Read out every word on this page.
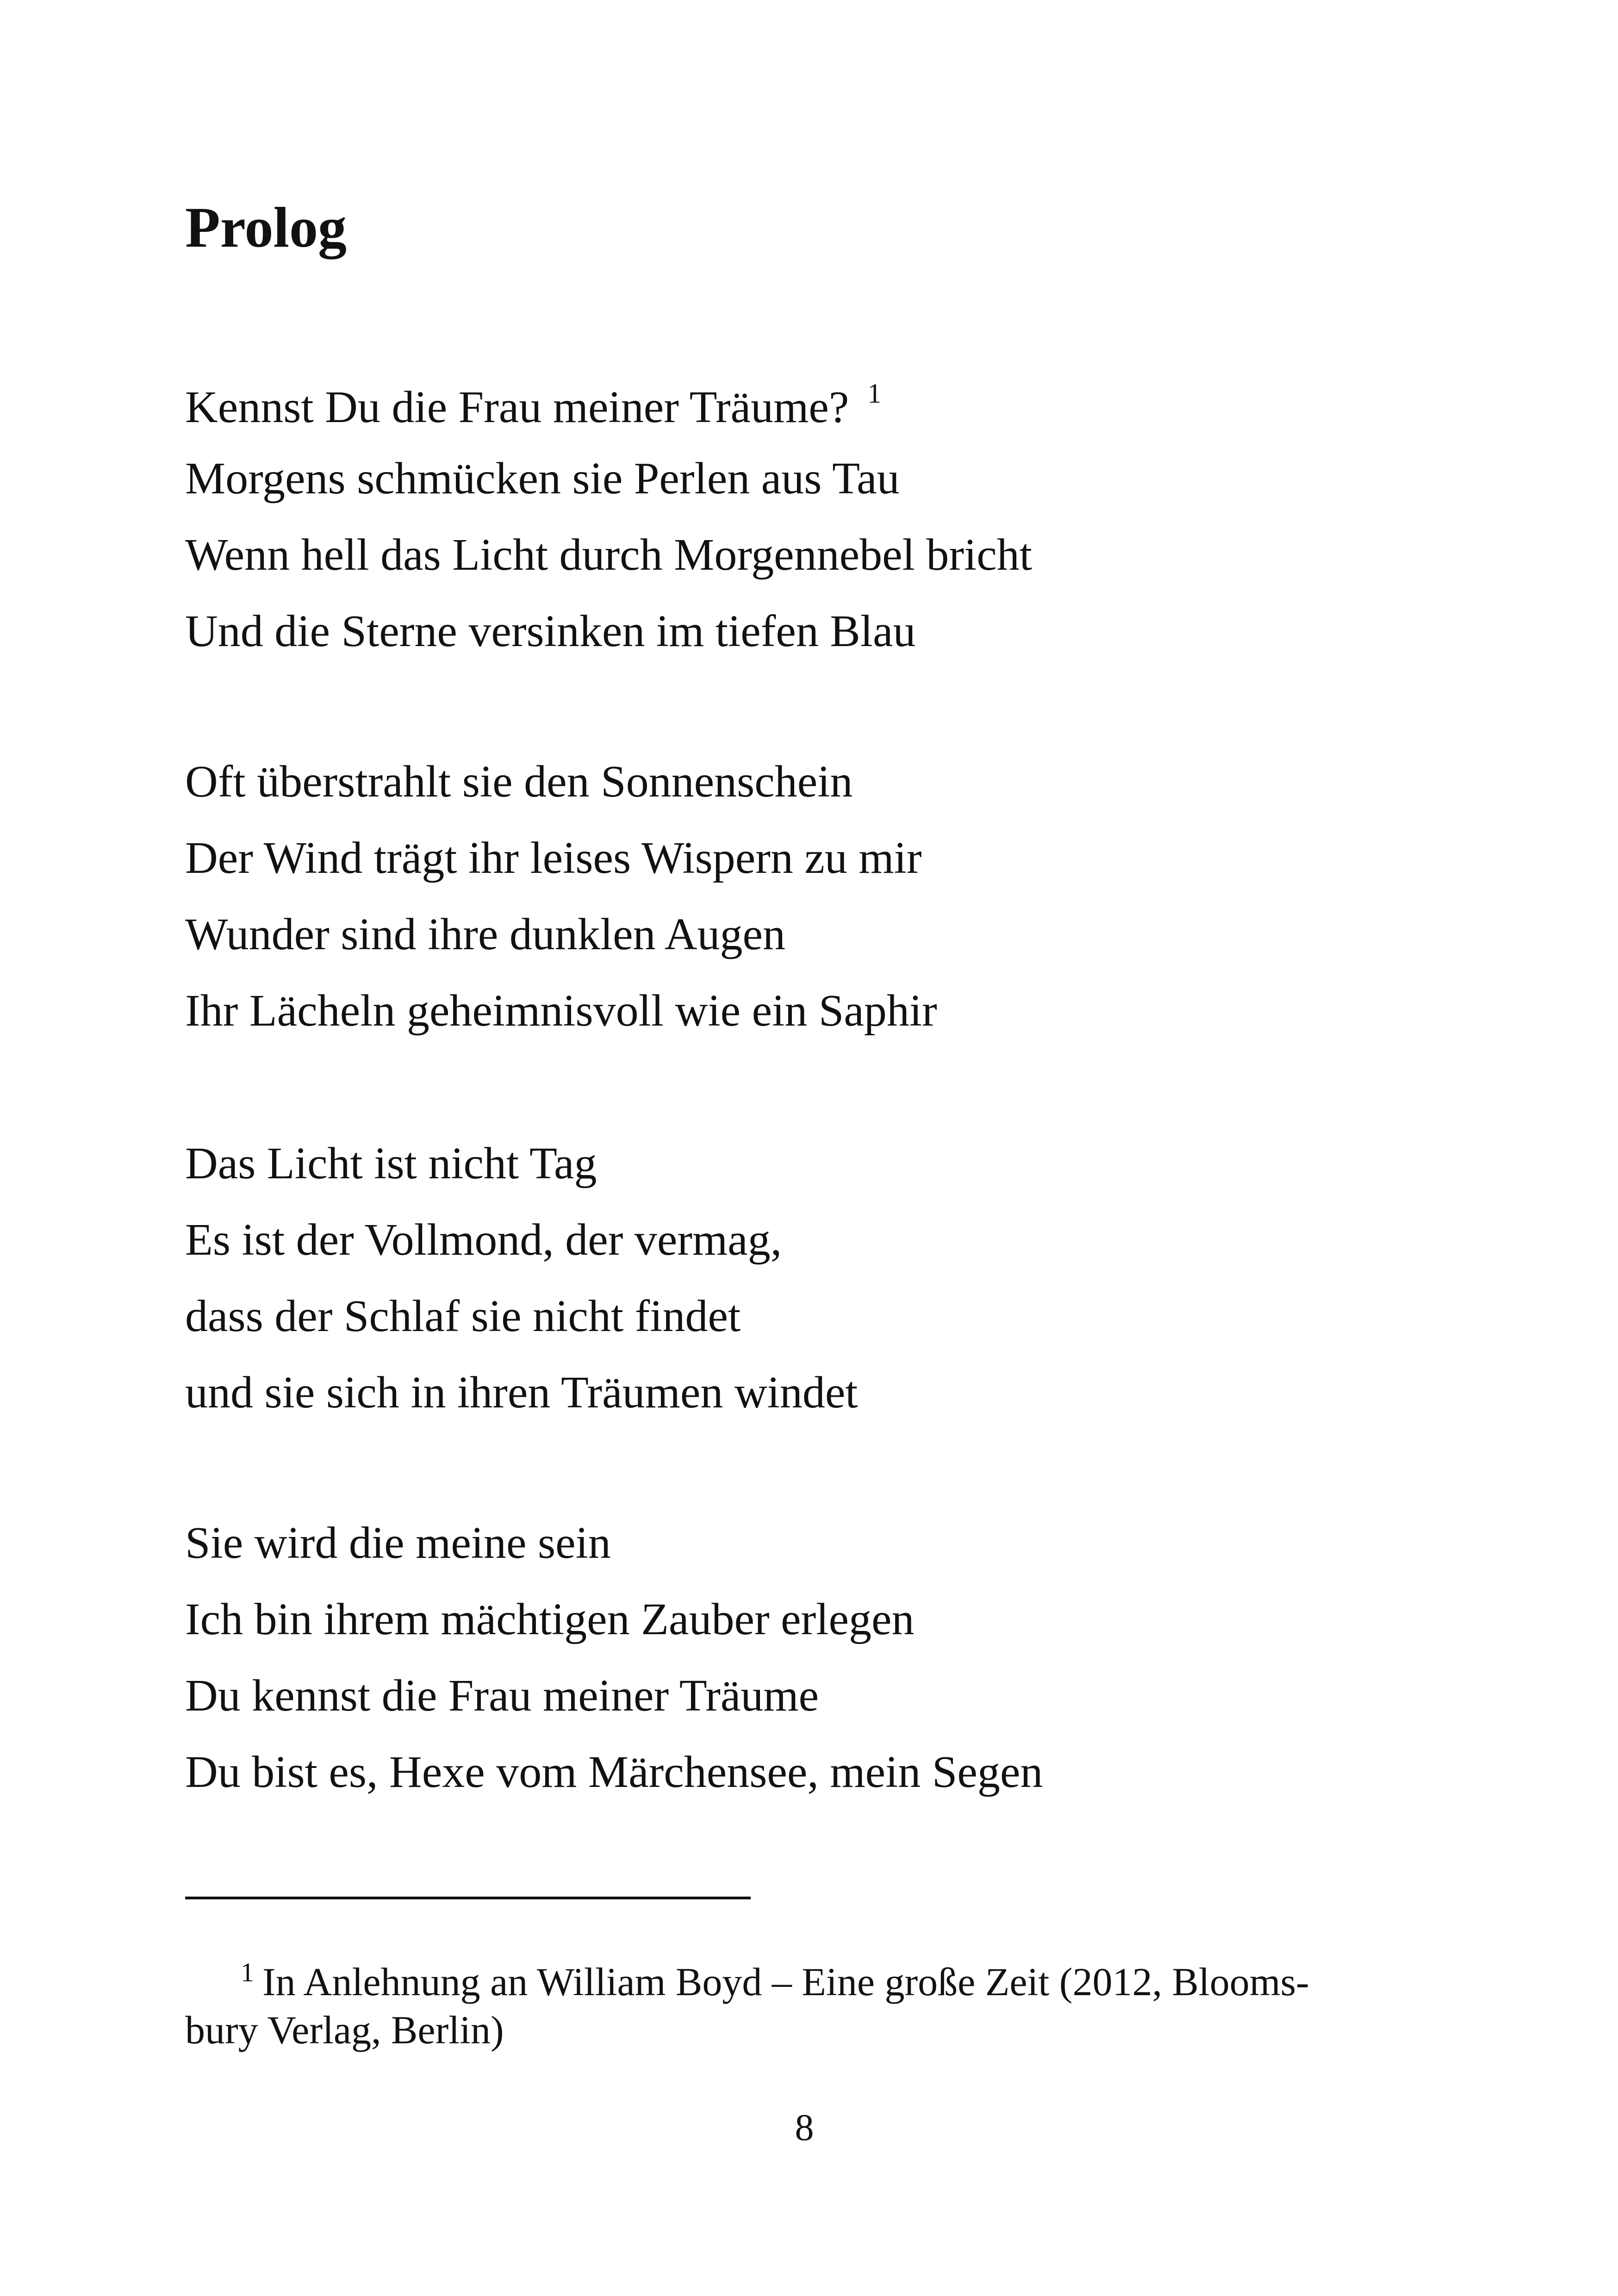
Prolog
Kennst Du die Frau meiner Träume? $^1$
Morgens schmücken sie Perlen aus Tau
Wenn hell das Licht durch Morgennebel bricht
Und die Sterne versinken im tiefen Blau
Oft überstrahlt sie den Sonnenschein
Der Wind trägt ihr leises Wispern zu mir
Wunder sind ihre dunklen Augen
Ihr Lächeln geheimnisvoll wie ein Saphir
Das Licht ist nicht Tag
Es ist der Vollmond, der vermag,
dass der Schlaf sie nicht findet
und sie sich in ihren Träumen windet
Sie wird die meine sein
Ich bin ihrem mächtigen Zauber erlegen
Du kennst die Frau meiner Träume
Du bist es, Hexe vom Märchensee, mein Segen
$^1$ In Anlehnung an William Boyd – Eine große Zeit (2012, Blooms-
bury Verlag, Berlin)
8
